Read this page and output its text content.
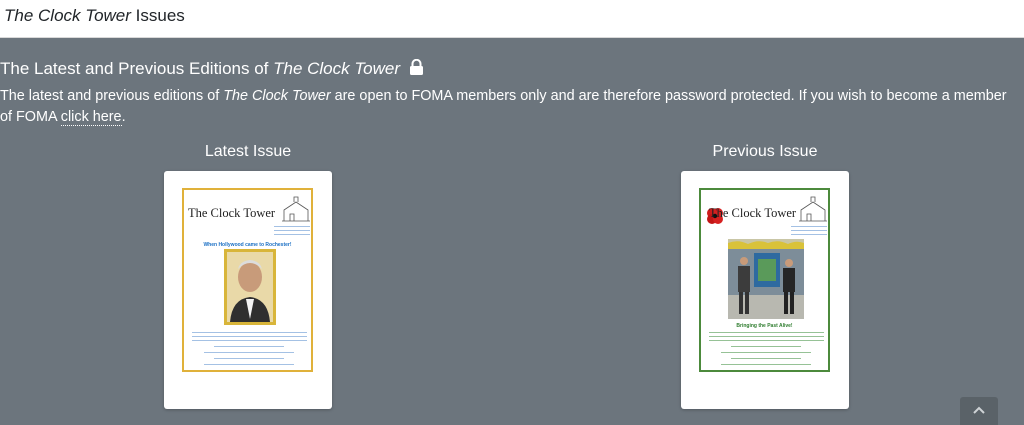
The Clock Tower Issues
The Latest and Previous Editions of The Clock Tower
The latest and previous editions of The Clock Tower are open to FOMA members only and are therefore password protected. If you wish to become a member of FOMA click here.
Latest Issue
The Clock Tower
When Hollywood came to Rochester!
Previous Issue
The Clock Tower
Bringing the Past Alive!
